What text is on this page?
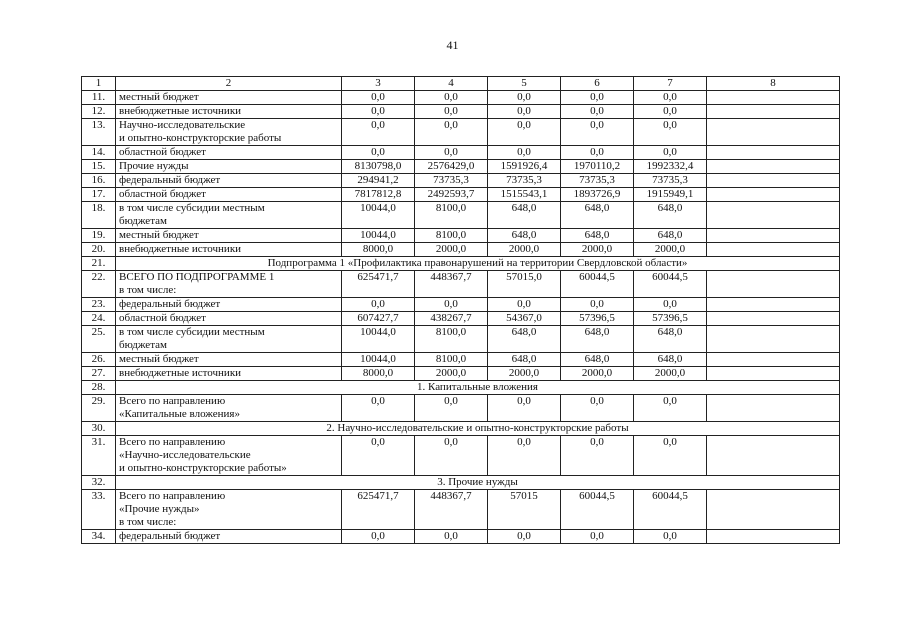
41
1	2	3	4	5	6	7	8
11.	местный бюджет	0,0	0,0	0,0	0,0	0,0	
12.	внебюджетные источники	0,0	0,0	0,0	0,0	0,0	
13.	Научно-исследовательские
и опытно-конструкторские работы	0,0	0,0	0,0	0,0	0,0	
14.	областной бюджет	0,0	0,0	0,0	0,0	0,0	
15.	Прочие нужды	8130798,0	2576429,0	1591926,4	1970110,2	1992332,4	
16.	федеральный бюджет	294941,2	73735,3	73735,3	73735,3	73735,3	
17.	областной бюджет	7817812,8	2492593,7	1515543,1	1893726,9	1915949,1	
18.	в том числе субсидии местным
бюджетам	10044,0	8100,0	648,0	648,0	648,0	
19.	местный бюджет	10044,0	8100,0	648,0	648,0	648,0	
20.	внебюджетные источники	8000,0	2000,0	2000,0	2000,0	2000,0	
21.	Подпрограмма 1 «Профилактика правонарушений на территории Свердловской области»						
22.	ВСЕГО ПО ПОДПРОГРАММЕ 1
в том числе:	625471,7	448367,7	57015,0	60044,5	60044,5	
23.	федеральный бюджет	0,0	0,0	0,0	0,0	0,0	
24.	областной бюджет	607427,7	438267,7	54367,0	57396,5	57396,5	
25.	в том числе субсидии местным
бюджетам	10044,0	8100,0	648,0	648,0	648,0	
26.	местный бюджет	10044,0	8100,0	648,0	648,0	648,0	
27.	внебюджетные источники	8000,0	2000,0	2000,0	2000,0	2000,0	
28.	1. Капитальные вложения						
29.	Всего по направлению
«Капитальные вложения»	0,0	0,0	0,0	0,0	0,0	
30.	2. Научно-исследовательские и опытно-конструкторские работы						
31.	Всего по направлению
«Научно-исследовательские
и опытно-конструкторские работы»	0,0	0,0	0,0	0,0	0,0	
32.	3. Прочие нужды						
33.	Всего по направлению
«Прочие нужды»
в том числе:	625471,7	448367,7	57015	60044,5	60044,5	
34.	федеральный бюджет	0,0	0,0	0,0	0,0	0,0	
